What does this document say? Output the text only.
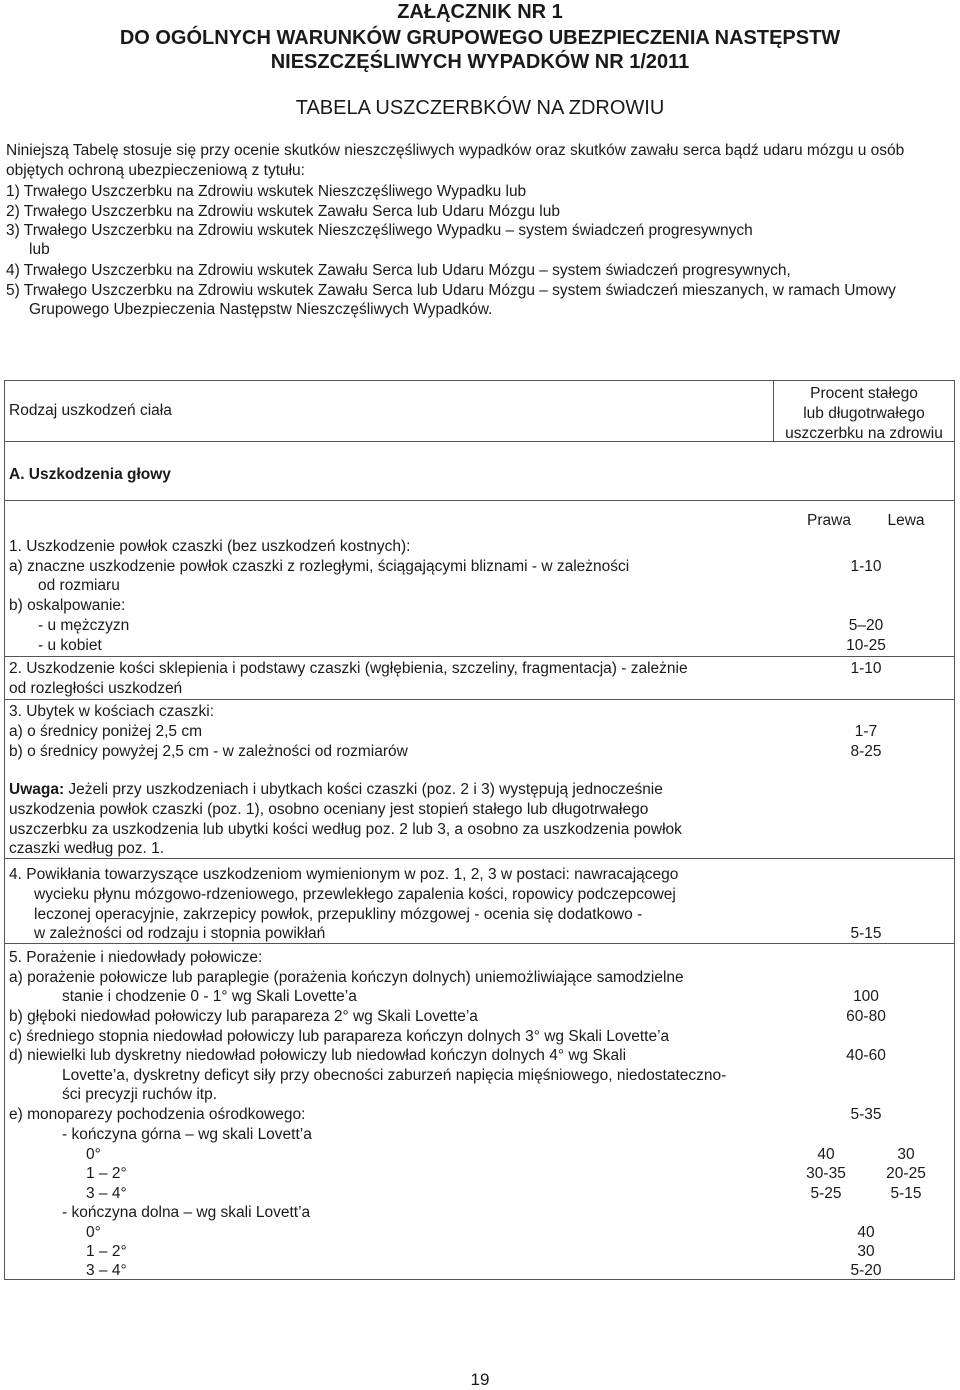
ZAŁĄCZNIK NR 1
DO OGÓLNYCH WARUNKÓW GRUPOWEGO UBEZPIECZENIA NASTĘPSTW
NIESZCZĘŚLIWYCH WYPADKÓW NR 1/2011
TABELA USZCZERBKÓW NA ZDROWIU
Niniejszą Tabelę stosuje się przy ocenie skutków nieszczęśliwych wypadków oraz skutków zawału serca bądź udaru mózgu u osób objętych ochroną ubezpieczeniową z tytułu:
1) Trwałego Uszczerbku na Zdrowiu wskutek Nieszczęśliwego Wypadku lub
2) Trwałego Uszczerbku na Zdrowiu wskutek Zawału Serca lub Udaru Mózgu lub
3) Trwałego Uszczerbku na Zdrowiu wskutek Nieszczęśliwego Wypadku – system świadczeń progresywnych
lub
4) Trwałego Uszczerbku na Zdrowiu wskutek Zawału Serca lub Udaru Mózgu – system świadczeń progresywnych,
5) Trwałego Uszczerbku na Zdrowiu wskutek Zawału Serca lub Udaru Mózgu – system świadczeń mieszanych, w ramach Umowy
Grupowego Ubezpieczenia Następstw Nieszczęśliwych Wypadków.
Rodzaj uszkodzeń ciała
Procent stałego
lub długotrwałego
uszczerbku na zdrowiu
A. Uszkodzenia głowy
Prawa	Lewa
1. Uszkodzenie powłok czaszki (bez uszkodzeń kostnych):
a) znaczne uszkodzenie powłok czaszki z rozległymi, ściągającymi bliznami - w zależności	1-10
od rozmiaru
b) oskalpowanie:
- u mężczyzn	5–20
- u kobiet	10-25
2. Uszkodzenie kości sklepienia i podstawy czaszki (wgłębienia, szczeliny, fragmentacja) - zależnie	1-10
od rozległości uszkodzeń
3. Ubytek w kościach czaszki:
a) o średnicy poniżej 2,5 cm	1-7
b) o średnicy powyżej 2,5 cm - w zależności od rozmiarów	8-25
Uwaga: Jeżeli przy uszkodzeniach i ubytkach kości czaszki (poz. 2 i 3) występują jednocześnie
uszkodzenia powłok czaszki (poz. 1), osobno oceniany jest stopień stałego lub długotrwałego
uszczerbku za uszkodzenia lub ubytki kości według poz. 2 lub 3, a osobno za uszkodzenia powłok
czaszki według poz. 1.
4. Powikłania towarzyszące uszkodzeniom wymienionym w poz. 1, 2, 3 w postaci: nawracającego
wycieku płynu mózgowo-rdzeniowego, przewlekłego zapalenia kości, ropowicy podczepcowej
leczonej operacyjnie, zakrzepicy powłok, przepukliny mózgowej - ocenia się dodatkowo -
w zależności od rodzaju i stopnia powikłań	5-15
5. Porażenie i niedowłady połowicze:
a) porażenie połowicze lub paraplegie (porażenia kończyn dolnych) uniemożliwiające samodzielne
stanie i chodzenie 0 - 1° wg Skali Lovette’a	100
b) głęboki niedowład połowiczy lub parapareza 2° wg Skali Lovette’a	60-80
c) średniego stopnia niedowład połowiczy lub parapareza kończyn dolnych 3° wg Skali Lovette’a
d) niewielki lub dyskretny niedowład połowiczy lub niedowład kończyn dolnych 4° wg Skali	40-60
Lovette’a, dyskretny deficyt siły przy obecności zaburzeń napięcia mięśniowego, niedostateczno-
ści precyzji ruchów itp.
e) monoparezy pochodzenia ośrodkowego:	5-35
- kończyna górna – wg skali Lovett’a
0°	40	30
1 – 2°	30-35	20-25
3 – 4°	5-25	5-15
- kończyna dolna – wg skali Lovett’a
0°	40
1 – 2°	30
3 – 4°	5-20
19
